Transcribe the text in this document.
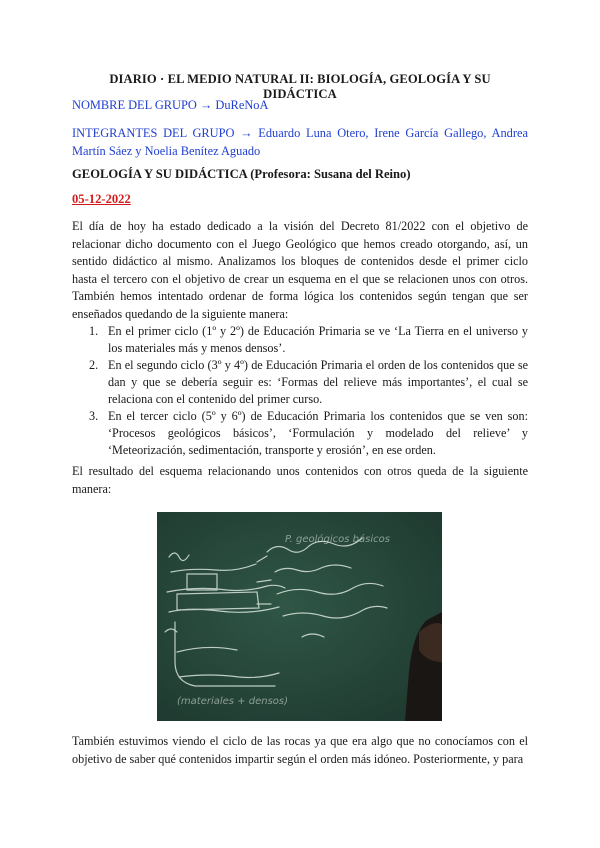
DIARIO · EL MEDIO NATURAL II: BIOLOGÍA, GEOLOGÍA Y SU DIDÁCTICA
NOMBRE DEL GRUPO → DuReNoA
INTEGRANTES DEL GRUPO → Eduardo Luna Otero, Irene García Gallego, Andrea Martín Sáez y Noelia Benítez Aguado
GEOLOGÍA Y SU DIDÁCTICA (Profesora: Susana del Reino)
05-12-2022
El día de hoy ha estado dedicado a la visión del Decreto 81/2022 con el objetivo de relacionar dicho documento con el Juego Geológico que hemos creado otorgando, así, un sentido didáctico al mismo. Analizamos los bloques de contenidos desde el primer ciclo hasta el tercero con el objetivo de crear un esquema en el que se relacionen unos con otros. También hemos intentado ordenar de forma lógica los contenidos según tengan que ser enseñados quedando de la siguiente manera:
1. En el primer ciclo (1º y 2º) de Educación Primaria se ve ‘La Tierra en el universo y los materiales más y menos densos’.
2. En el segundo ciclo (3º y 4º) de Educación Primaria el orden de los contenidos que se dan y que se debería seguir es: ‘Formas del relieve más importantes’, el cual se relaciona con el contenido del primer curso.
3. En el tercer ciclo (5º y 6º) de Educación Primaria los contenidos que se ven son: ‘Procesos geológicos básicos’, ‘Formulación y modelado del relieve’ y ‘Meteorización, sedimentación, transporte y erosión’, en ese orden.
El resultado del esquema relacionando unos contenidos con otros queda de la siguiente manera:
P. geológicos básicos
(materiales + densos)
También estuvimos viendo el ciclo de las rocas ya que era algo que no conocíamos con el objetivo de saber qué contenidos impartir según el orden más idóneo. Posteriormente, y para
